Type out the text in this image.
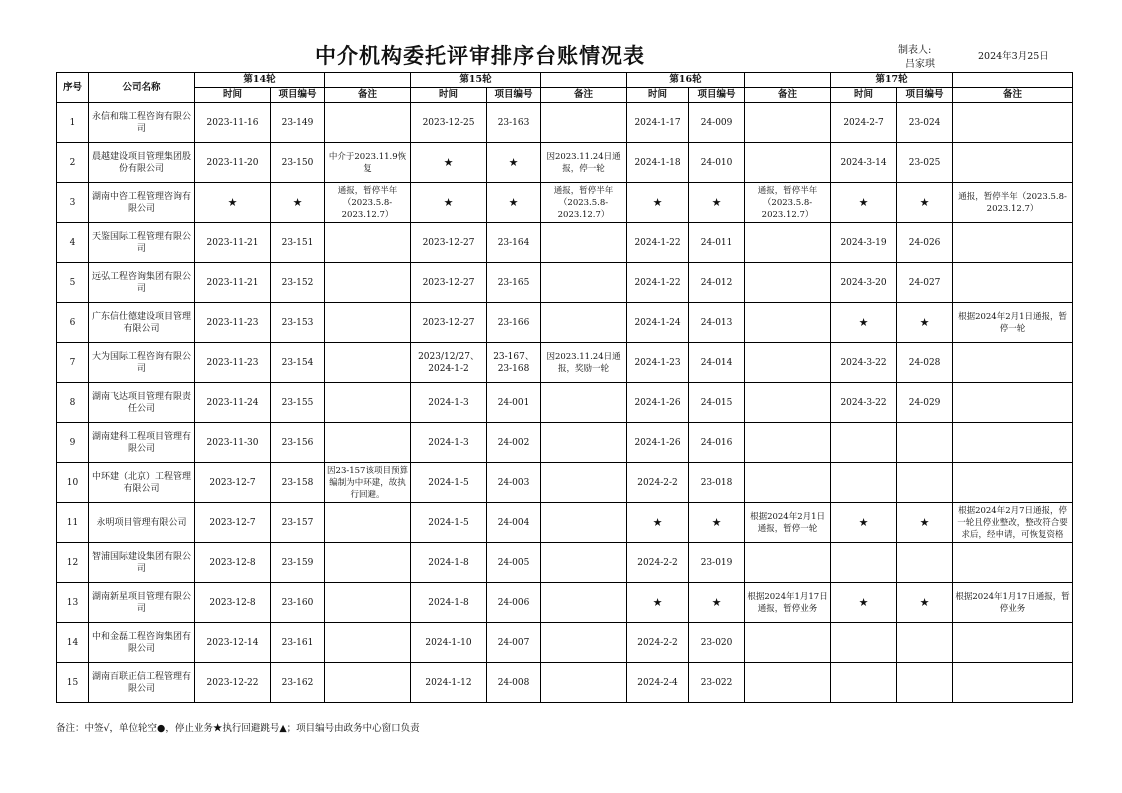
中介机构委托评审排序台账情况表	制表人:
吕家琪
2024年3月25日
序号	公司名称	第14轮			第15轮			第16轮			第17轮		
		时间	项目编号	备注	时间	项目编号	备注	时间	项目编号	备注	时间	项目编号	备注
1	永信和瑞工程咨询有限公司	2023-11-16	23-149		2023-12-25	23-163		2024-1-17	24-009		2024-2-7	23-024	
2	晨越建设项目管理集团股份有限公司	2023-11-20	23-150	中介于2023.11.9恢复	★	★	因2023.11.24日通报，停一轮	2024-1-18	24-010		2024-3-14	23-025	
3	湖南中咨工程管理咨询有限公司	★	★	通报，暂停半年（2023.5.8-2023.12.7）	★	★	通报，暂停半年（2023.5.8-2023.12.7）	★	★	通报，暂停半年（2023.5.8-2023.12.7）	★	★	通报，暂停半年（2023.5.8-2023.12.7）
4	天鉴国际工程管理有限公司	2023-11-21	23-151		2023-12-27	23-164		2024-1-22	24-011		2024-3-19	24-026	
5	远弘工程咨询集团有限公司	2023-11-21	23-152		2023-12-27	23-165		2024-1-22	24-012		2024-3-20	24-027	
6	广东信仕德建设项目管理有限公司	2023-11-23	23-153		2023-12-27	23-166		2024-1-24	24-013		★	★	根据2024年2月1日通报，暂停一轮
7	大为国际工程咨询有限公司	2023-11-23	23-154		2023/12/27、2024-1-2	23-167、23-168	因2023.11.24日通报，奖励一轮	2024-1-23	24-014		2024-3-22	24-028	
8	湖南飞达项目管理有限责任公司	2023-11-24	23-155		2024-1-3	24-001		2024-1-26	24-015		2024-3-22	24-029	
9	湖南建科工程项目管理有限公司	2023-11-30	23-156		2024-1-3	24-002		2024-1-26	24-016				
10	中环建（北京）工程管理有限公司	2023-12-7	23-158	因23-157该项目预算编制为中环建，故执行回避。	2024-1-5	24-003		2024-2-2	23-018				
11	永明项目管理有限公司	2023-12-7	23-157		2024-1-5	24-004		★	★	根据2024年2月1日通报，暂停一轮	★	★	根据2024年2月7日通报，停一轮且停业整改，整改符合要求后，经申请，可恢复资格
12	智浦国际建设集团有限公司	2023-12-8	23-159		2024-1-8	24-005		2024-2-2	23-019				
13	湖南新星项目管理有限公司	2023-12-8	23-160		2024-1-8	24-006		★	★	根据2024年1月17日通报，暂停业务	★	★	根据2024年1月17日通报，暂停业务
14	中和金磊工程咨询集团有限公司	2023-12-14	23-161		2024-1-10	24-007		2024-2-2	23-020				
15	湖南百联正信工程管理有限公司	2023-12-22	23-162		2024-1-12	24-008		2024-2-4	23-022				
备注：中签√，单位轮空●，停止业务★执行回避跳号▲；项目编号由政务中心窗口负责
